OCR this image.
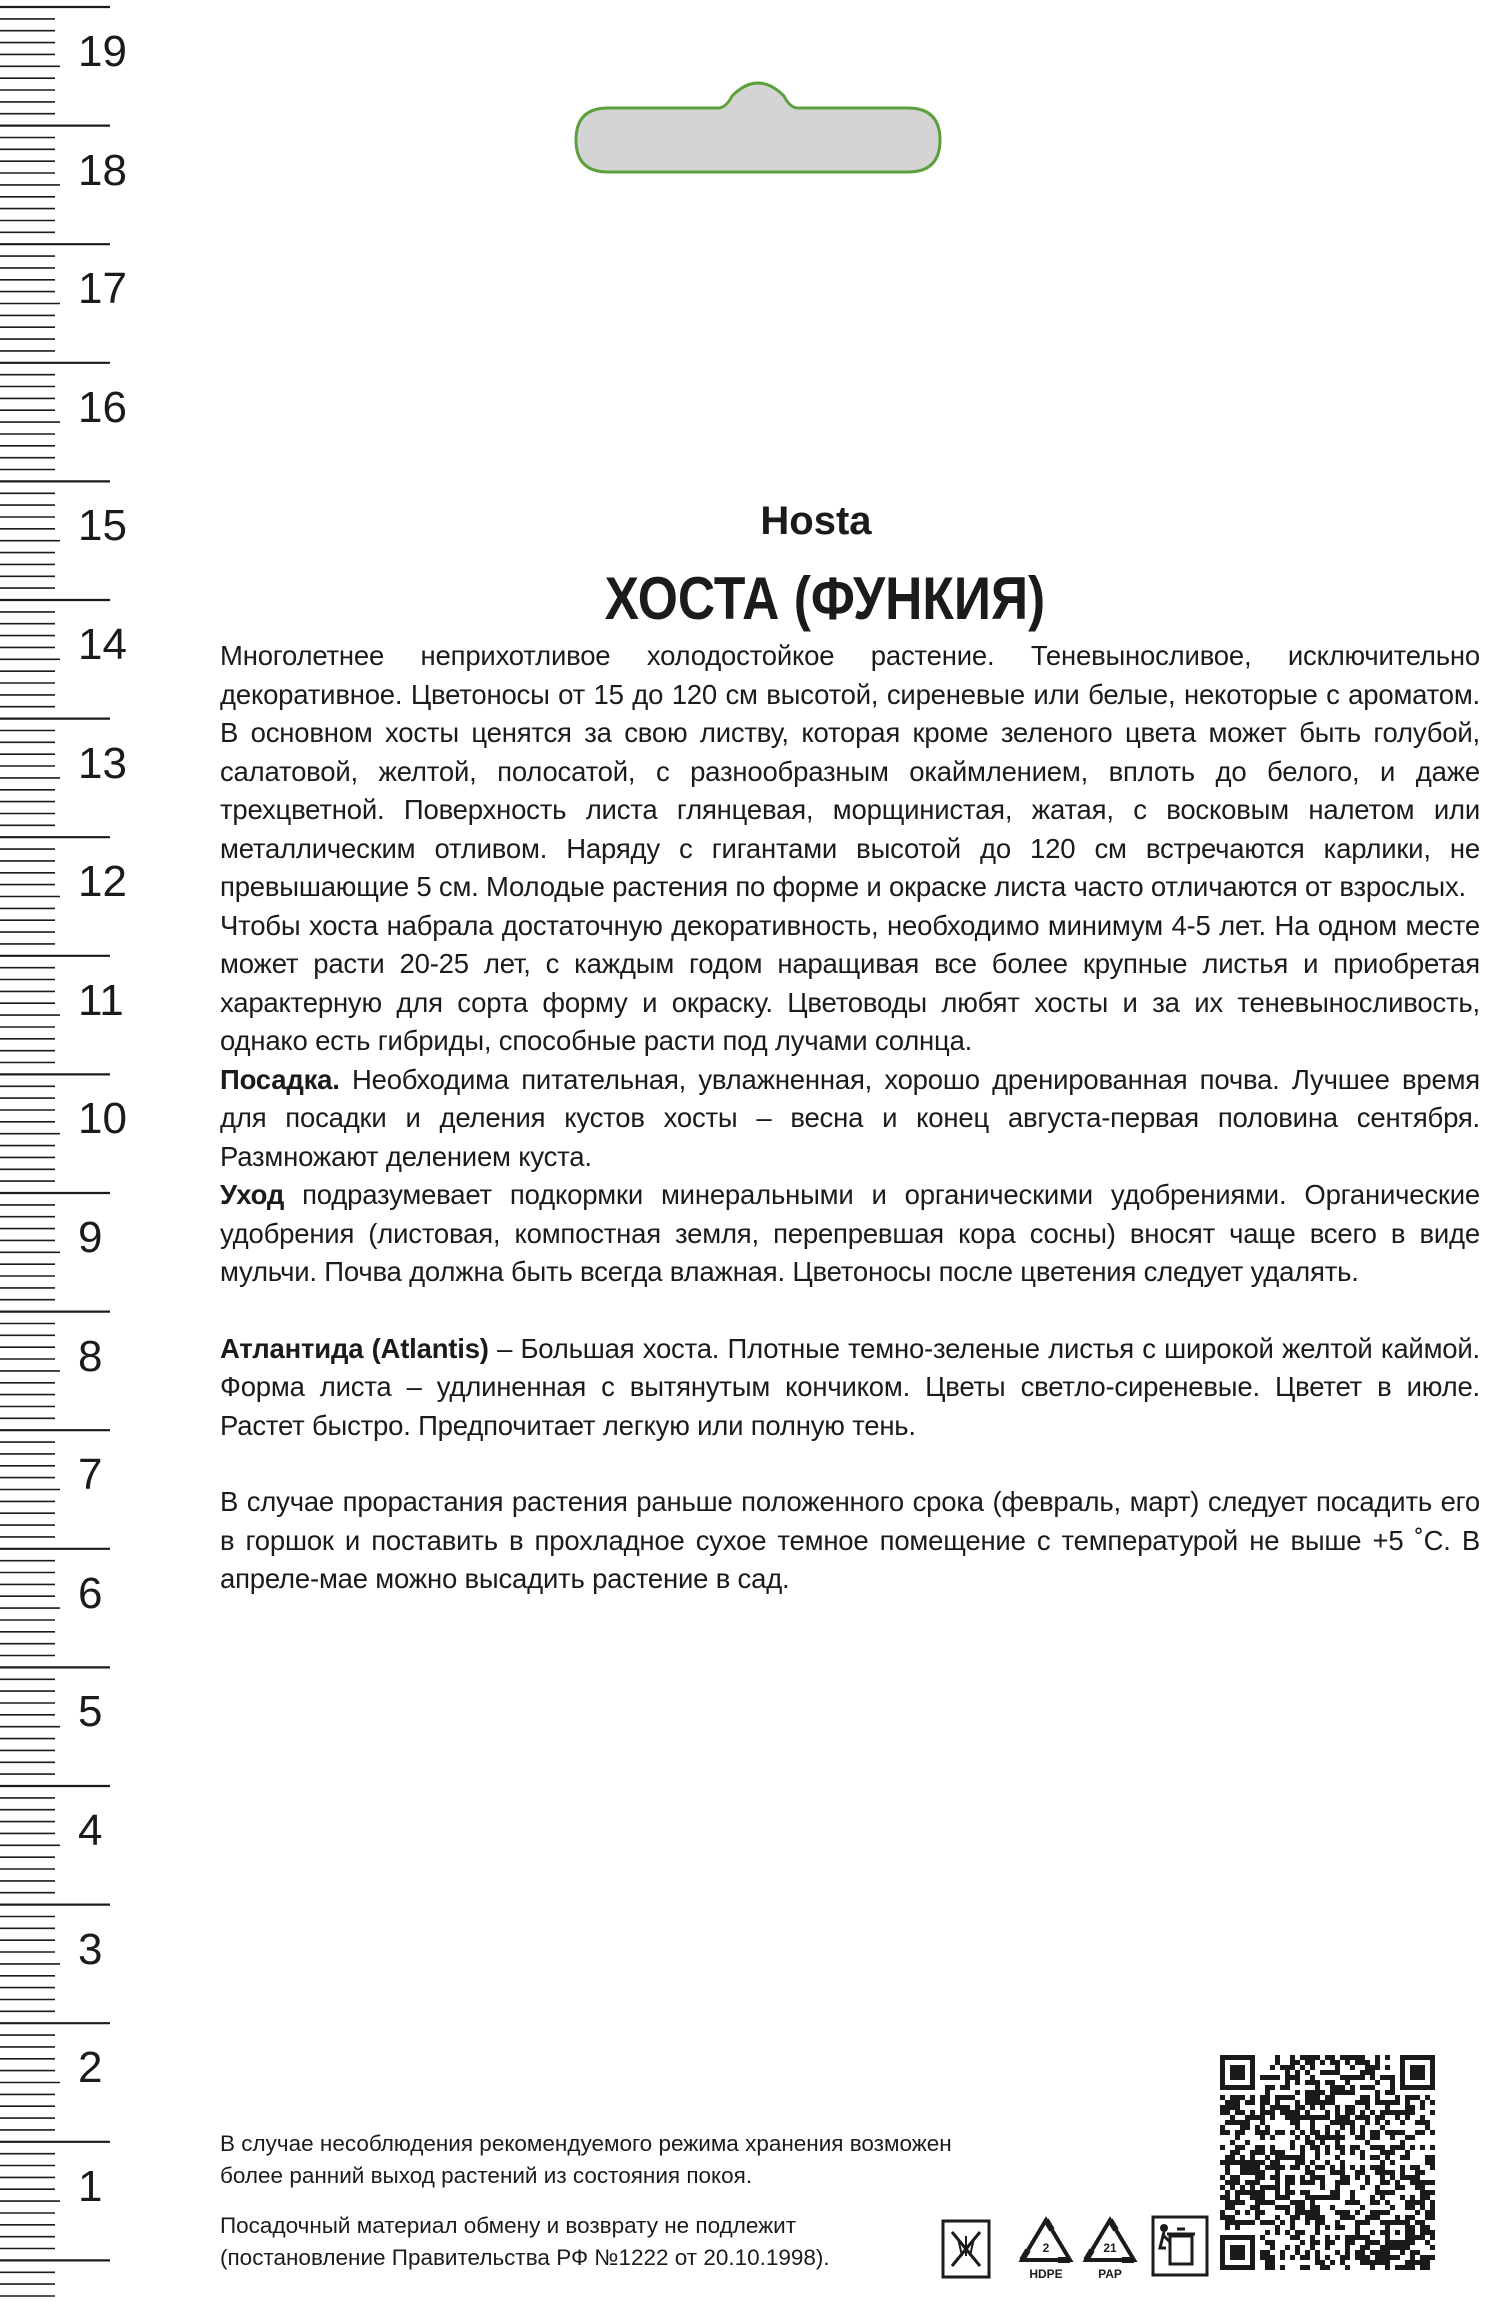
19
18
17
16
15
14
13
12
11
10
9
8
7
6
5
4
3
2
1
Hosta
ХОСТА (ФУНКИЯ)

Многолетнее неприхотливое холодостойкое растение. Теневыносливое, исключительно декоративное. Цветоносы от 15 до 120 см высотой, сиреневые или белые, некоторые с ароматом. В основном хосты ценятся за свою листву, которая кроме зеленого цвета может быть голубой, салатовой, желтой, полосатой, с разнообразным окаймлением, вплоть до белого, и даже трехцветной. Поверхность листа глянцевая, морщинистая, жатая, с восковым налетом или металлическим отливом. Наряду с гигантами высотой до 120 см встречаются карлики, не превышающие 5 см. Молодые растения по форме и окраске листа часто отличаются от взрослых.

Чтобы хоста набрала достаточную декоративность, необходимо минимум 4-5 лет. На одном месте может расти 20-25 лет, с каждым годом наращивая все более крупные листья и приобретая характерную для сорта форму и окраску. Цветоводы любят хосты и за их теневыносливость, однако есть гибриды, способные расти под лучами солнца.

Посадка. Необходима питательная, увлажненная, хорошо дренированная почва. Лучшее время для посадки и деления кустов хосты – весна и конец августа-первая половина сентября. Размножают делением куста.

Уход подразумевает подкормки минеральными и органическими удобрениями. Органические удобрения (листовая, компостная земля, перепревшая кора сосны) вносят чаще всего в виде мульчи. Почва должна быть всегда влажная. Цветоносы после цветения следует удалять.

Атлантида (Atlantis) – Большая хоста. Плотные темно-зеленые листья с широкой желтой каймой. Форма листа – удлиненная с вытянутым кончиком. Цветы светло-сиреневые. Цветет в июле. Растет быстро. Предпочитает легкую или полную тень.

В случае прорастания растения раньше положенного срока (февраль, март) следует посадить его в горшок и поставить в прохладное сухое темное помещение с температурой не выше +5 ˚С. В апреле-мае можно высадить растение в сад.

В случае несоблюдения рекомендуемого режима хранения возможен более ранний выход растений из состояния покоя.

Посадочный материал обмену и возврату не подлежит (постановление Правительства РФ №1222 от 20.10.1998).	2
HDPE
21
PAP
